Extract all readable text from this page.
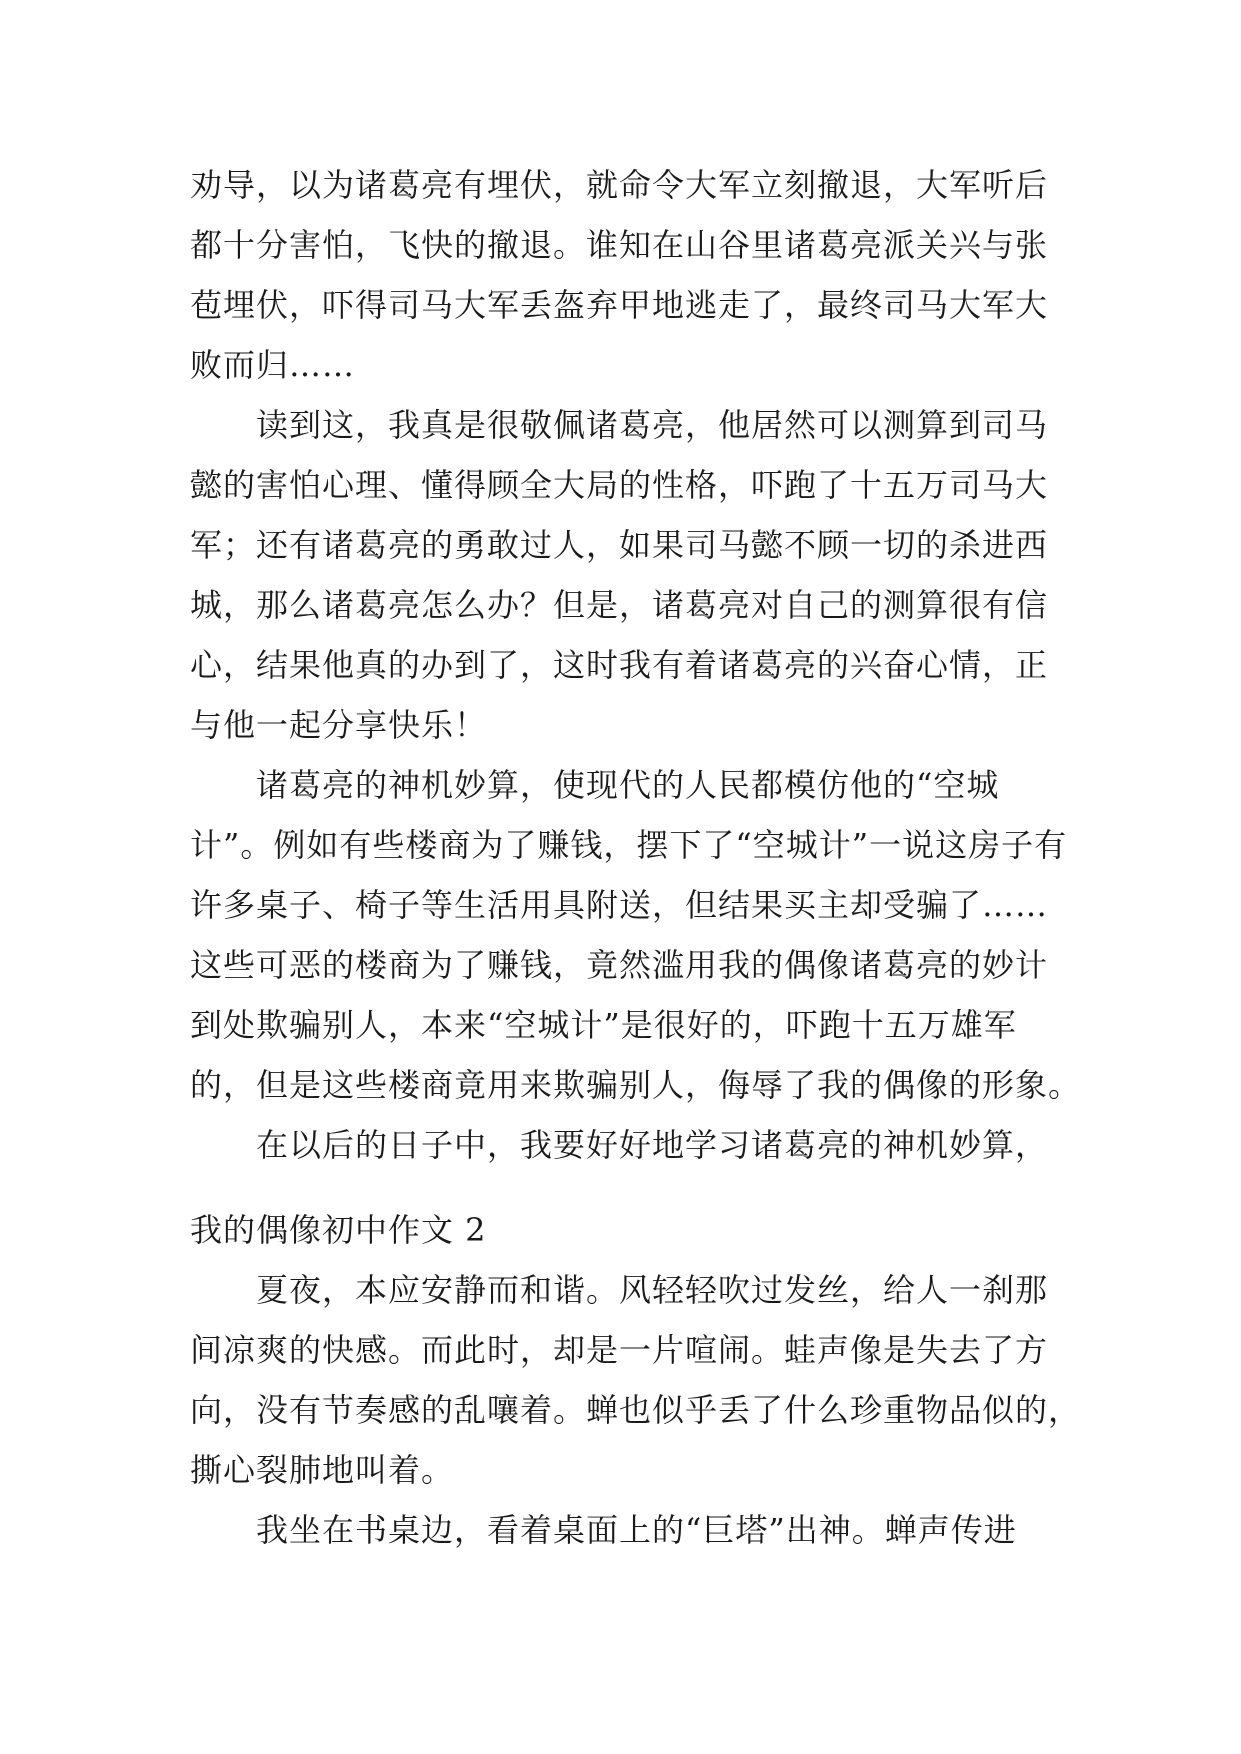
劝导，以为诸葛亮有埋伏，就命令大军立刻撤退，大军听后

都十分害怕，飞快的撤退。谁知在山谷里诸葛亮派关兴与张

苞埋伏，吓得司马大军丢盔弃甲地逃走了，最终司马大军大

败而归……

　　读到这，我真是很敬佩诸葛亮，他居然可以测算到司马

懿的害怕心理、懂得顾全大局的性格，吓跑了十五万司马大

军；还有诸葛亮的勇敢过人，如果司马懿不顾一切的杀进西

城，那么诸葛亮怎么办？但是，诸葛亮对自己的测算很有信

心，结果他真的办到了，这时我有着诸葛亮的兴奋心情，正

与他一起分享快乐！

　　诸葛亮的神机妙算，使现代的人民都模仿他的“空城

计”。例如有些楼商为了赚钱，摆下了“空城计”一说这房子有

许多桌子、椅子等生活用具附送，但结果买主却受骗了……

这些可恶的楼商为了赚钱，竟然滥用我的偶像诸葛亮的妙计

到处欺骗别人，本来“空城计”是很好的，吓跑十五万雄军

的，但是这些楼商竟用来欺骗别人，侮辱了我的偶像的形象。

　　在以后的日子中，我要好好地学习诸葛亮的神机妙算，

我的偶像初中作文 2

　　夏夜，本应安静而和谐。风轻轻吹过发丝，给人一刹那

间凉爽的快感。而此时，却是一片喧闹。蛙声像是失去了方

向，没有节奏感的乱嚷着。蝉也似乎丢了什么珍重物品似的，

撕心裂肺地叫着。

　　我坐在书桌边，看着桌面上的“巨塔”出神。蝉声传进
